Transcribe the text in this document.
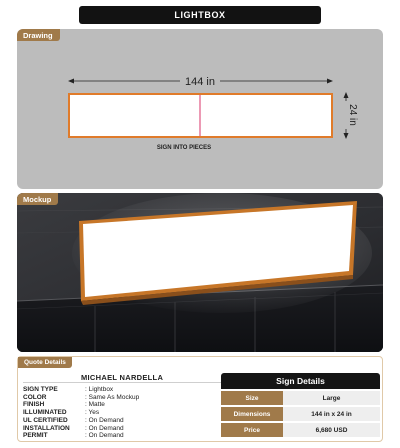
LIGHTBOX
Drawing
144 in
24 in
SIGN INTO PIECES
Mockup
Quote Details
MICHAEL NARDELLA
SIGN TYPE	: Lightbox
COLOR	: Same As Mockup
FINISH	: Matte
ILLUMINATED	: Yes
UL CERTIFIED	: On Demand
INSTALLATION	: On Demand
PERMIT	: On Demand
Sign Details
Size	Large
Dimensions	144 in x 24 in
Price	6,680 USD
